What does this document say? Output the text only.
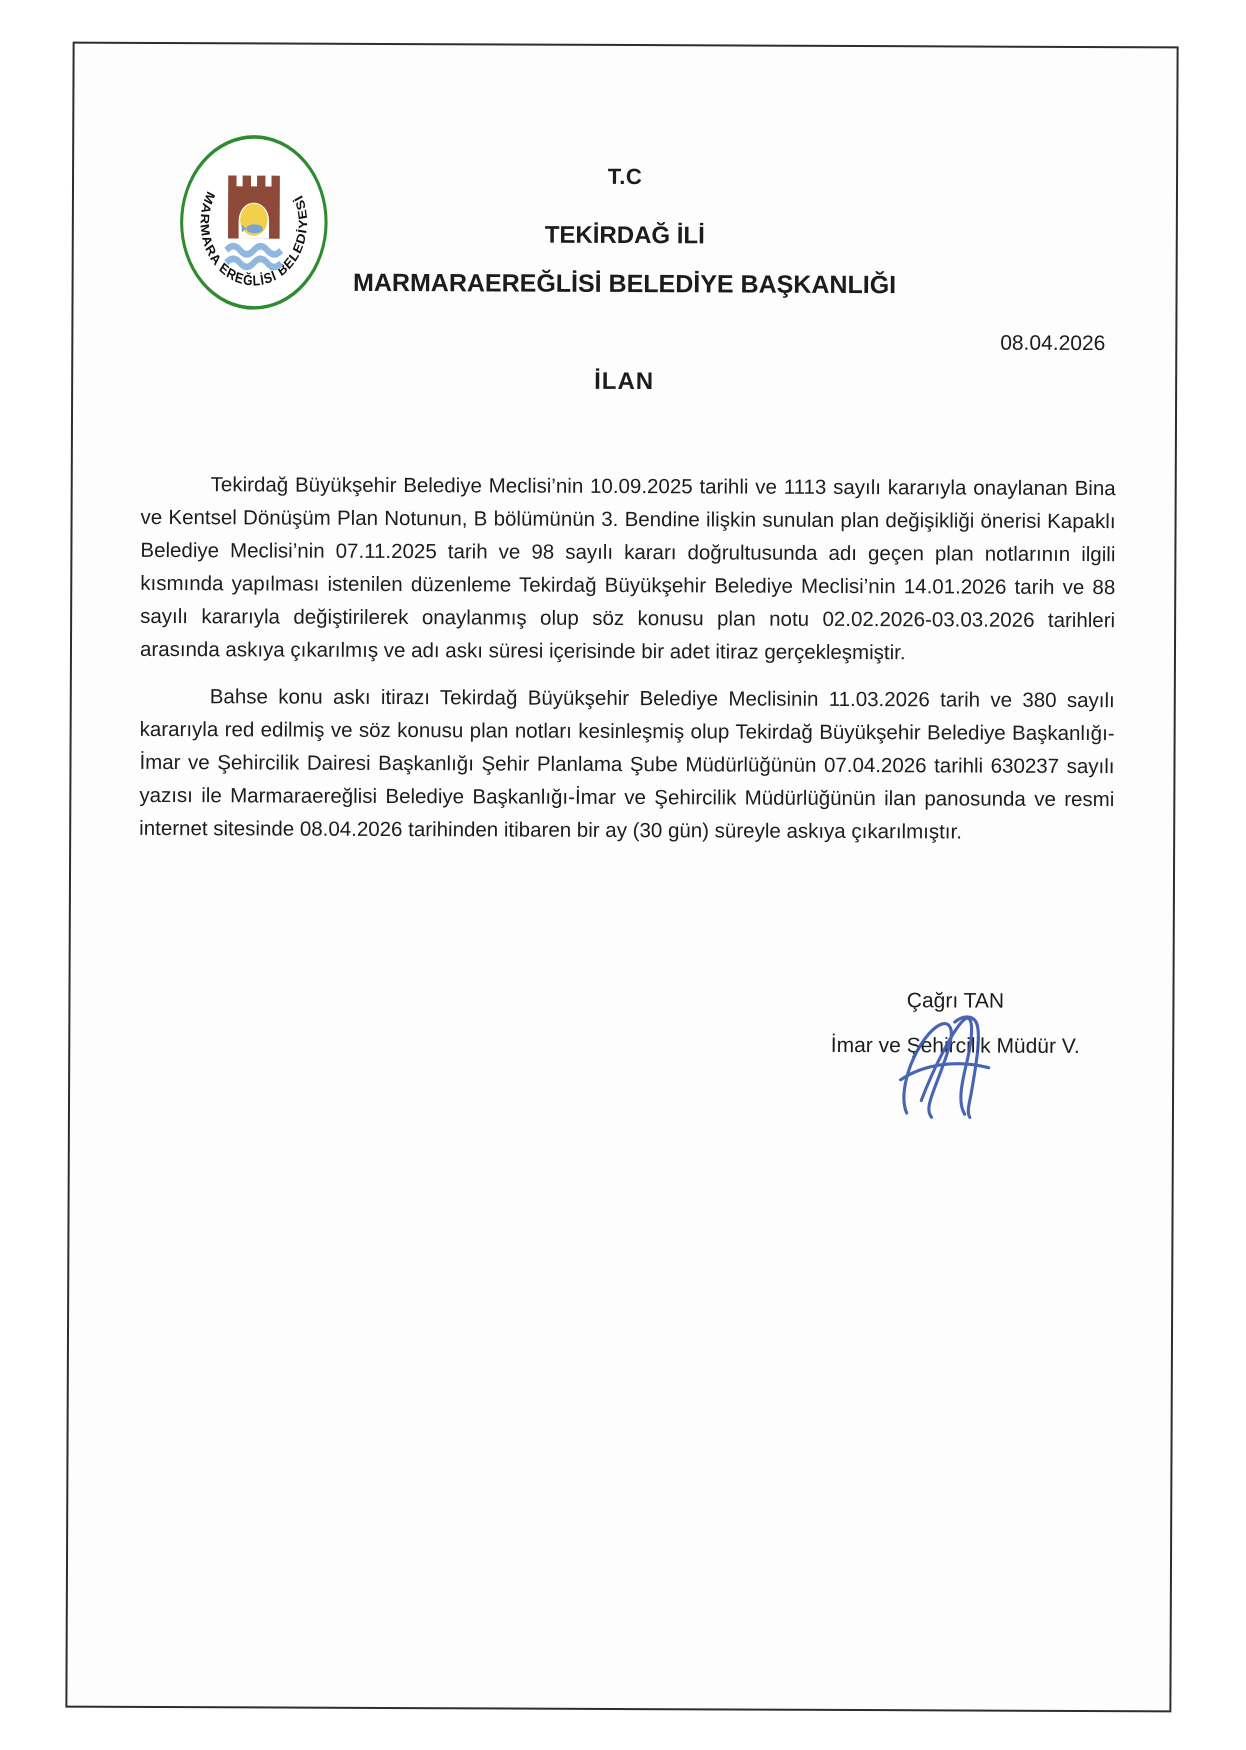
MARMARA EREĞLİSİ BELEDİYESİ
T.C
TEKİRDAĞ İLİ
MARMARAEREĞLİSİ BELEDİYE BAŞKANLIĞI
08.04.2026
İLAN

Tekirdağ Büyükşehir Belediye Meclisi’nin 10.09.2025 tarihli ve 1113 sayılı kararıyla onaylanan Bina ve Kentsel Dönüşüm Plan Notunun, B bölümünün 3. Bendine ilişkin sunulan plan değişikliği önerisi Kapaklı Belediye Meclisi’nin 07.11.2025 tarih ve 98 sayılı kararı doğrultusunda adı geçen plan notlarının ilgili kısmında yapılması istenilen düzenleme Tekirdağ Büyükşehir Belediye Meclisi’nin 14.01.2026 tarih ve 88 sayılı kararıyla değiştirilerek onaylanmış olup söz konusu plan notu 02.02.2026-03.03.2026 tarihleri arasında askıya çıkarılmış ve adı askı süresi içerisinde bir adet itiraz gerçekleşmiştir.

Bahse konu askı itirazı Tekirdağ Büyükşehir Belediye Meclisinin 11.03.2026 tarih ve 380 sayılı kararıyla red edilmiş ve söz konusu plan notları kesinleşmiş olup Tekirdağ Büyükşehir Belediye Başkanlığı-İmar ve Şehircilik Dairesi Başkanlığı Şehir Planlama Şube Müdürlüğünün 07.04.2026 tarihli 630237 sayılı yazısı ile Marmaraereğlisi Belediye Başkanlığı-İmar ve Şehircilik Müdürlüğünün ilan panosunda ve resmi internet sitesinde 08.04.2026 tarihinden itibaren bir ay (30 gün) süreyle askıya çıkarılmıştır.

Çağrı TAN

İmar ve Şehircilik Müdür V.
